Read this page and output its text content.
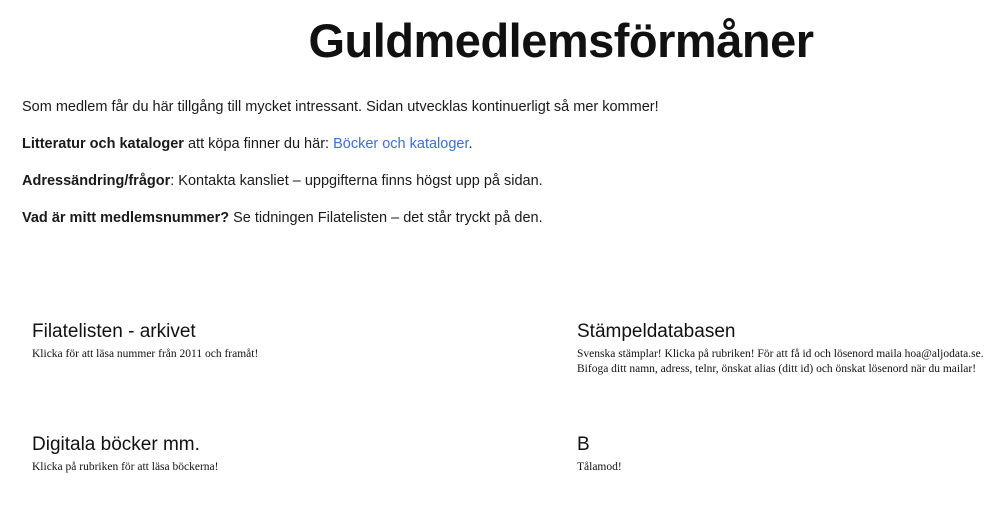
Guldmedlemsförmåner

Som medlem får du här tillgång till mycket intressant. Sidan utvecklas kontinuerligt så mer kommer!

Litteratur och kataloger att köpa finner du här: Böcker och kataloger.

Adressändring/frågor: Kontakta kansliet – uppgifterna finns högst upp på sidan.

Vad är mitt medlemsnummer? Se tidningen Filatelisten – det står tryckt på den.

Filatelisten - arkivet

Klicka för att läsa nummer från 2011 och framåt!

Stämpeldatabasen

Svenska stämplar! Klicka på rubriken! För att få id och lösenord maila hoa@aljodata.se. Bifoga ditt namn, adress, telnr, önskat alias (ditt id) och önskat lösenord när du mailar!

Digitala böcker mm.

Klicka på rubriken för att läsa böckerna!

B

Tålamod!
